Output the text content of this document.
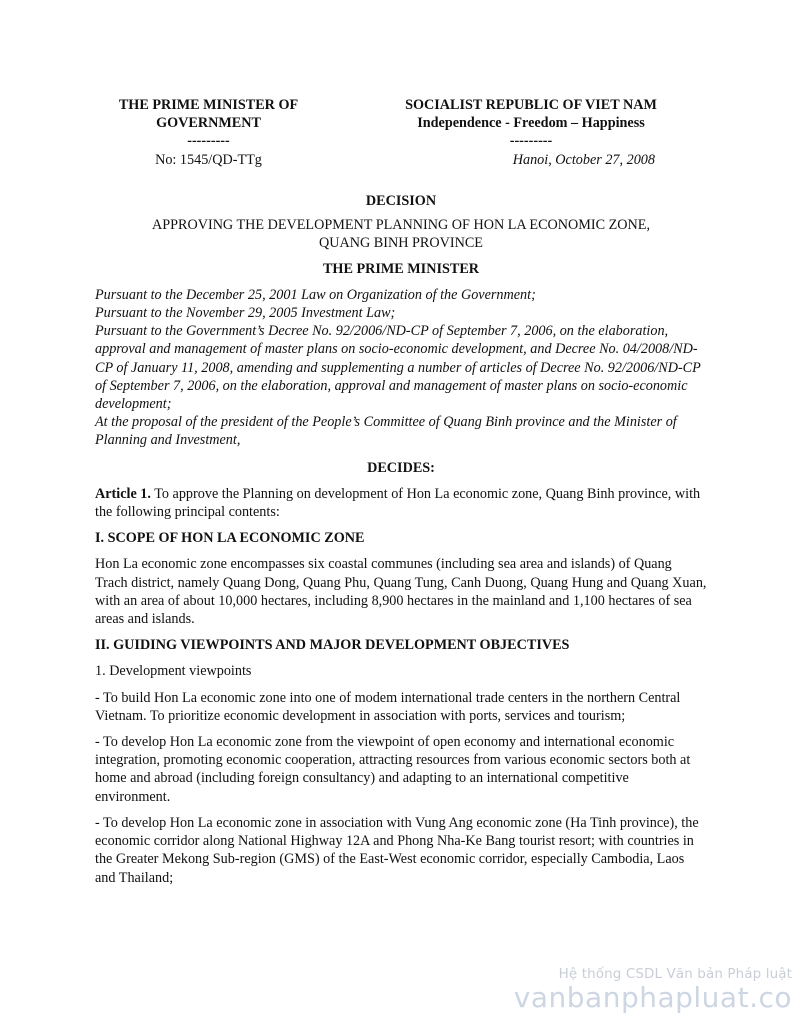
THE PRIME MINISTER OF
GOVERNMENT
---------
No: 1545/QD-TTg
SOCIALIST REPUBLIC OF VIET NAM
Independence - Freedom – Happiness
---------
Hanoi, October 27, 2008
DECISION
APPROVING THE DEVELOPMENT PLANNING OF HON LA ECONOMIC ZONE,
QUANG BINH PROVINCE
THE PRIME MINISTER
Pursuant to the December 25, 2001 Law on Organization of the Government;
Pursuant to the November 29, 2005 Investment Law;
Pursuant to the Government’s Decree No. 92/2006/ND-CP of September 7, 2006, on the elaboration, approval and management of master plans on socio-economic development, and Decree No. 04/2008/ND-CP of January 11, 2008, amending and supplementing a number of articles of Decree No. 92/2006/ND-CP of September 7, 2006, on the elaboration, approval and management of master plans on socio-economic development;
At the proposal of the president of the People’s Committee of Quang Binh province and the Minister of Planning and Investment,
DECIDES:

Article 1. To approve the Planning on development of Hon La economic zone, Quang Binh province, with the following principal contents:

I. SCOPE OF HON LA ECONOMIC ZONE

Hon La economic zone encompasses six coastal communes (including sea area and islands) of Quang Trach district, namely Quang Dong, Quang Phu, Quang Tung, Canh Duong, Quang Hung and Quang Xuan, with an area of about 10,000 hectares, including 8,900 hectares in the mainland and 1,100 hectares of sea areas and islands.

II. GUIDING VIEWPOINTS AND MAJOR DEVELOPMENT OBJECTIVES

1. Development viewpoints

- To build Hon La economic zone into one of modem international trade centers in the northern Central Vietnam. To prioritize economic development in association with ports, services and tourism;

- To develop Hon La economic zone from the viewpoint of open economy and international economic integration, promoting economic cooperation, attracting resources from various economic sectors both at home and abroad (including foreign consultancy) and adapting to an international competitive environment.

- To develop Hon La economic zone in association with Vung Ang economic zone (Ha Tinh province), the economic corridor along National Highway 12A and Phong Nha-Ke Bang tourist resort; with countries in the Greater Mekong Sub-region (GMS) of the East-West economic corridor, especially Cambodia, Laos and Thailand;

Hệ thống CSDL Văn bản Pháp luật
vanbanphapluat.co
